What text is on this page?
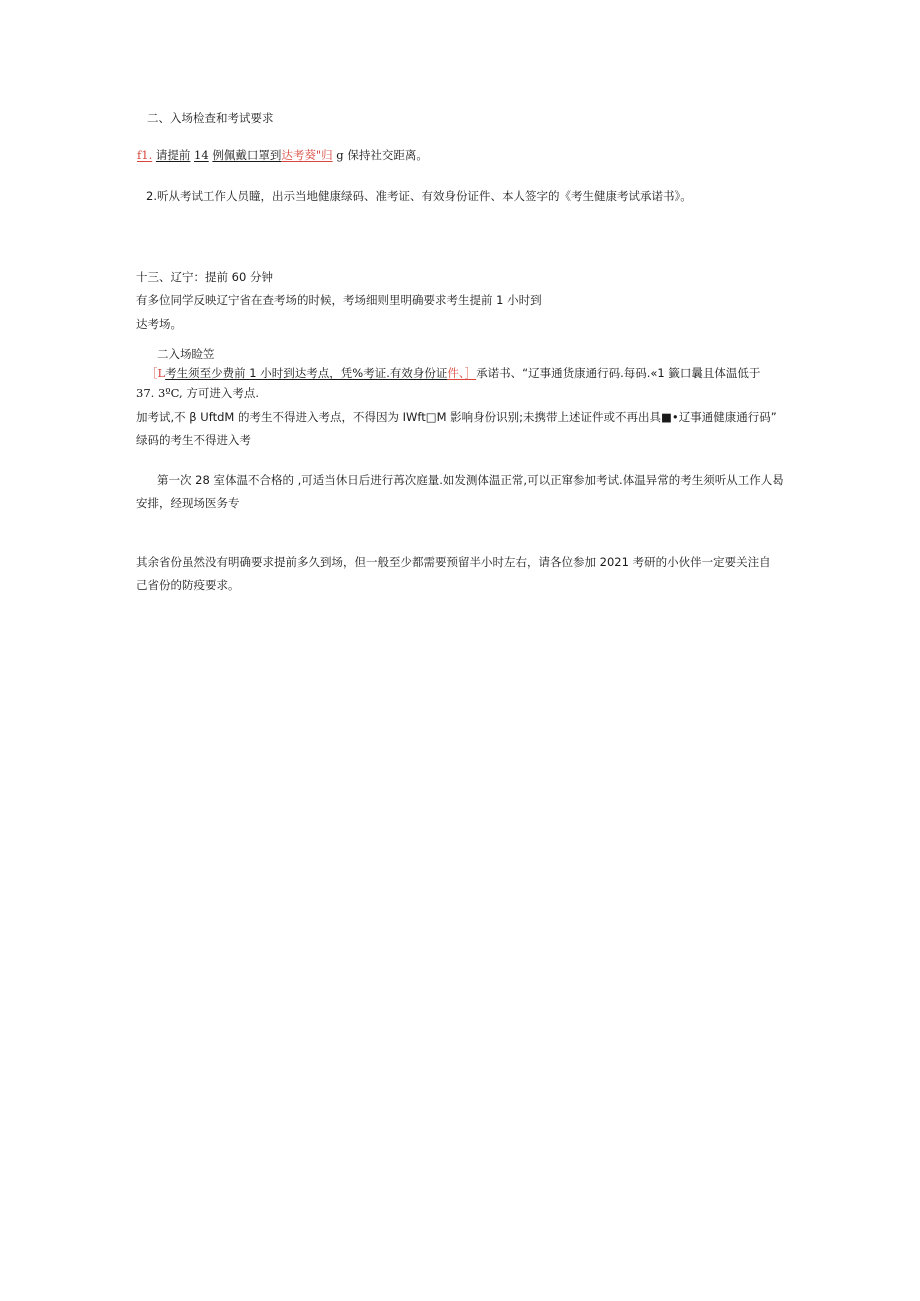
二、入场检查和考试要求
f1. 请提前 14 例佩戴口罩到达考葵"归 g 保持社交距离。
2.听从考试工作人员瞳，出示当地健康绿码、准考证、有效身份证件、本人签字的《考生健康考试承诺书》。
十三、辽宁：提前 60 分钟
有多位同学反映辽宁省在查考场的时候，考场细则里明确要求考生提前 1 小时到
达考场。
二入场睑笠
［L考生须至少费前 1 小时到达考点，凭%考证.有效身份证件、］承诺书、“辽事通货康通行码.每码.«1 籤口曩且体温低于
37. 3ºC, 方可进入考点.
加考试,不 β UftdM 的考生不得进入考点，不得因为 IWft□M 影响身份识别;未携带上述证件或不再出具■•辽事通健康通行码”
绿码的考生不得进入考
第一次 28 室体温不合格的 ,可适当休日后进行苒次庭量.如发测体温正常,可以正窜参加考试.体温异常的考生须听从工作人曷安排，经现场医务专
其余省份虽然没有明确要求提前多久到场，但一般至少都需要预留半小时左右，请各位参加 2021 考研的小伙伴一定要关注自己省份的防疫要求。
